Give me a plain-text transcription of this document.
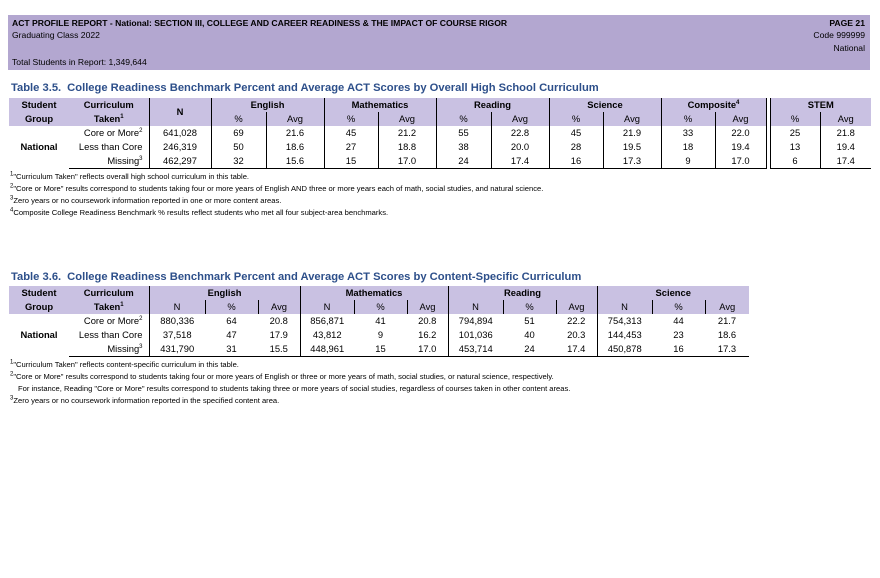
ACT PROFILE REPORT - National: SECTION III, COLLEGE AND CAREER READINESS & THE IMPACT OF COURSE RIGOR
Graduating Class 2022
Total Students in Report: 1,349,644
PAGE 21
Code 999999
National
Table 3.5. College Readiness Benchmark Percent and Average ACT Scores by Overall High School Curriculum
Student	Curriculum	N	English		Mathematics		Reading		Science		Composite$^4$			STEM	
Group	Taken$^1$		%	Avg	%	Avg	%	Avg	%	Avg	%	Avg		%	Avg
National	Core or More$^2$	641,028	69	21.6	45	21.2	55	22.8	45	21.9	33	22.0		25	21.8
	Less than Core	246,319	50	18.6	27	18.8	38	20.0	28	19.5	18	19.4		13	19.4
	Missing$^3$	462,297	32	15.6	15	17.0	24	17.4	16	17.3	9	17.0		6	17.4
$^1$"Curriculum Taken" reflects overall high school curriculum in this table.
$^2$"Core or More" results correspond to students taking four or more years of English AND three or more years each of math, social studies, and natural science.
$^3$Zero years or no coursework information reported in one or more content areas.
$^4$Composite College Readiness Benchmark % results reflect students who met all four subject-area benchmarks.
Table 3.6. College Readiness Benchmark Percent and Average ACT Scores by Content-Specific Curriculum
Student	Curriculum	English			Mathematics			Reading			Science		
Group	Taken$^1$	N	%	Avg	N	%	Avg	N	%	Avg	N	%	Avg
National	Core or More$^2$	880,336	64	20.8	856,871	41	20.8	794,894	51	22.2	754,313	44	21.7
	Less than Core	37,518	47	17.9	43,812	9	16.2	101,036	40	20.3	144,453	23	18.6
	Missing$^3$	431,790	31	15.5	448,961	15	17.0	453,714	24	17.4	450,878	16	17.3
$^1$"Curriculum Taken" reflects content-specific curriculum in this table.
$^2$"Core or More" results correspond to students taking four or more years of English or three or more years of math, social studies, or natural science, respectively.
For instance, Reading "Core or More" results correspond to students taking three or more years of social studies, regardless of courses taken in other content areas.
$^3$Zero years or no coursework information reported in the specified content area.
